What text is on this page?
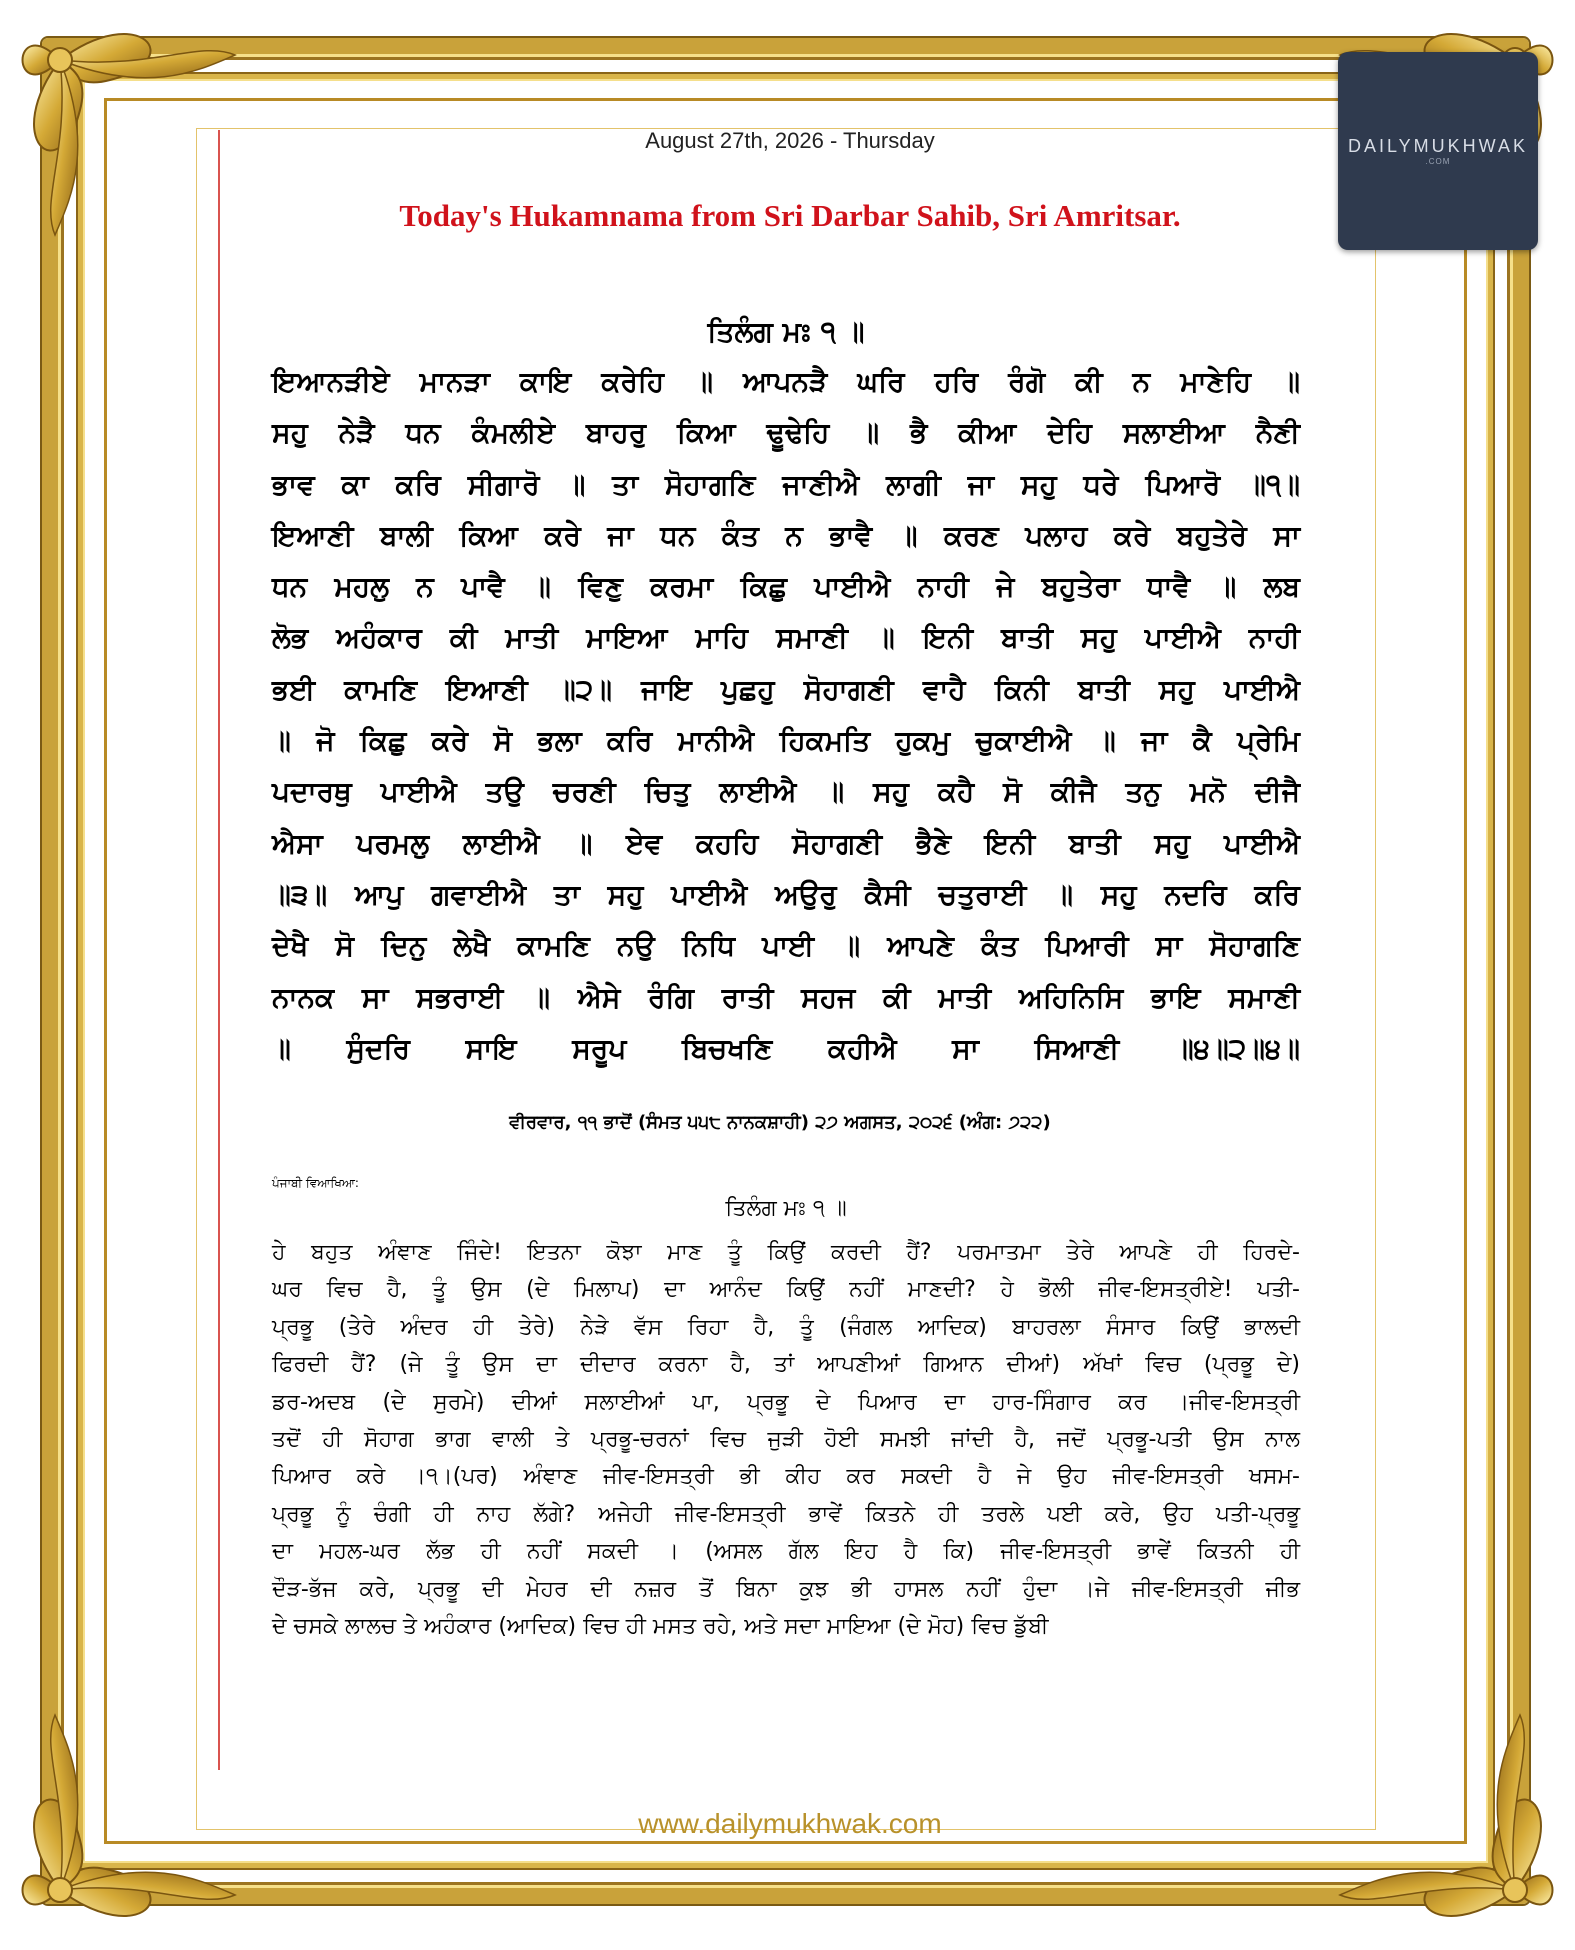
DAILYMUKHWAK
.COM
August 27th, 2026 - Thursday
Today's Hukamnama from Sri Darbar Sahib, Sri Amritsar.
ਤਿਲੰਗ ਮਃ ੧ ॥
ਇਆਨੜੀਏ ਮਾਨੜਾ ਕਾਇ ਕਰੇਹਿ ॥ ਆਪਨੜੈ ਘਰਿ ਹਰਿ ਰੰਗੋ ਕੀ ਨ ਮਾਣੇਹਿ ॥
ਸਹੁ ਨੇੜੈ ਧਨ ਕੰਮਲੀਏ ਬਾਹਰੁ ਕਿਆ ਢੂਢੇਹਿ ॥ ਭੈ ਕੀਆ ਦੇਹਿ ਸਲਾਈਆ ਨੈਣੀ
ਭਾਵ ਕਾ ਕਰਿ ਸੀਗਾਰੋ ॥ ਤਾ ਸੋਹਾਗਣਿ ਜਾਣੀਐ ਲਾਗੀ ਜਾ ਸਹੁ ਧਰੇ ਪਿਆਰੋ ॥੧॥
ਇਆਣੀ ਬਾਲੀ ਕਿਆ ਕਰੇ ਜਾ ਧਨ ਕੰਤ ਨ ਭਾਵੈ ॥ ਕਰਣ ਪਲਾਹ ਕਰੇ ਬਹੁਤੇਰੇ ਸਾ
ਧਨ ਮਹਲੁ ਨ ਪਾਵੈ ॥ ਵਿਣੁ ਕਰਮਾ ਕਿਛੁ ਪਾਈਐ ਨਾਹੀ ਜੇ ਬਹੁਤੇਰਾ ਧਾਵੈ ॥ ਲਬ
ਲੋਭ ਅਹੰਕਾਰ ਕੀ ਮਾਤੀ ਮਾਇਆ ਮਾਹਿ ਸਮਾਣੀ ॥ ਇਨੀ ਬਾਤੀ ਸਹੁ ਪਾਈਐ ਨਾਹੀ
ਭਈ ਕਾਮਣਿ ਇਆਣੀ ॥੨॥ ਜਾਇ ਪੁਛਹੁ ਸੋਹਾਗਣੀ ਵਾਹੈ ਕਿਨੀ ਬਾਤੀ ਸਹੁ ਪਾਈਐ
॥ ਜੋ ਕਿਛੁ ਕਰੇ ਸੋ ਭਲਾ ਕਰਿ ਮਾਨੀਐ ਹਿਕਮਤਿ ਹੁਕਮੁ ਚੁਕਾਈਐ ॥ ਜਾ ਕੈ ਪ੍ਰੇਮਿ
ਪਦਾਰਥੁ ਪਾਈਐ ਤਉ ਚਰਣੀ ਚਿਤੁ ਲਾਈਐ ॥ ਸਹੁ ਕਹੈ ਸੋ ਕੀਜੈ ਤਨੁ ਮਨੋ ਦੀਜੈ
ਐਸਾ ਪਰਮਲੁ ਲਾਈਐ ॥ ਏਵ ਕਹਹਿ ਸੋਹਾਗਣੀ ਭੈਣੇ ਇਨੀ ਬਾਤੀ ਸਹੁ ਪਾਈਐ
॥੩॥ ਆਪੁ ਗਵਾਈਐ ਤਾ ਸਹੁ ਪਾਈਐ ਅਉਰੁ ਕੈਸੀ ਚਤੁਰਾਈ ॥ ਸਹੁ ਨਦਰਿ ਕਰਿ
ਦੇਖੈ ਸੋ ਦਿਨੁ ਲੇਖੈ ਕਾਮਣਿ ਨਉ ਨਿਧਿ ਪਾਈ ॥ ਆਪਣੇ ਕੰਤ ਪਿਆਰੀ ਸਾ ਸੋਹਾਗਣਿ
ਨਾਨਕ ਸਾ ਸਭਰਾਈ ॥ ਐਸੇ ਰੰਗਿ ਰਾਤੀ ਸਹਜ ਕੀ ਮਾਤੀ ਅਹਿਨਿਸਿ ਭਾਇ ਸਮਾਣੀ
॥ ਸੁੰਦਰਿ ਸਾਇ ਸਰੂਪ ਬਿਚਖਣਿ ਕਹੀਐ ਸਾ ਸਿਆਣੀ ॥੪॥੨॥੪॥
ਵੀਰਵਾਰ, ੧੧ ਭਾਦੋਂ (ਸੰਮਤ ੫੫੮ ਨਾਨਕਸ਼ਾਹੀ) ੨੭ ਅਗਸਤ, ੨੦੨੬ (ਅੰਗ: ੭੨੨)
ਪੰਜਾਬੀ ਵਿਆਖਿਆ:
ਤਿਲੰਗ ਮਃ ੧ ॥
ਹੇ ਬਹੁਤ ਅੰਞਾਣ ਜਿੰਦੇ! ਇਤਨਾ ਕੋਝਾ ਮਾਣ ਤੂੰ ਕਿਉਂ ਕਰਦੀ ਹੈਂ? ਪਰਮਾਤਮਾ ਤੇਰੇ ਆਪਣੇ ਹੀ ਹਿਰਦੇ-
ਘਰ ਵਿਚ ਹੈ, ਤੂੰ ਉਸ (ਦੇ ਮਿਲਾਪ) ਦਾ ਆਨੰਦ ਕਿਉਂ ਨਹੀਂ ਮਾਣਦੀ? ਹੇ ਭੋਲੀ ਜੀਵ-ਇਸਤ੍ਰੀਏ! ਪਤੀ-
ਪ੍ਰਭੂ (ਤੇਰੇ ਅੰਦਰ ਹੀ ਤੇਰੇ) ਨੇੜੇ ਵੱਸ ਰਿਹਾ ਹੈ, ਤੂੰ (ਜੰਗਲ ਆਦਿਕ) ਬਾਹਰਲਾ ਸੰਸਾਰ ਕਿਉਂ ਭਾਲਦੀ
ਫਿਰਦੀ ਹੈਂ? (ਜੇ ਤੂੰ ਉਸ ਦਾ ਦੀਦਾਰ ਕਰਨਾ ਹੈ, ਤਾਂ ਆਪਣੀਆਂ ਗਿਆਨ ਦੀਆਂ) ਅੱਖਾਂ ਵਿਚ (ਪ੍ਰਭੂ ਦੇ)
ਡਰ-ਅਦਬ (ਦੇ ਸੁਰਮੇ) ਦੀਆਂ ਸਲਾਈਆਂ ਪਾ, ਪ੍ਰਭੂ ਦੇ ਪਿਆਰ ਦਾ ਹਾਰ-ਸਿੰਗਾਰ ਕਰ ।ਜੀਵ-ਇਸਤ੍ਰੀ
ਤਦੋਂ ਹੀ ਸੋਹਾਗ ਭਾਗ ਵਾਲੀ ਤੇ ਪ੍ਰਭੂ-ਚਰਨਾਂ ਵਿਚ ਜੁੜੀ ਹੋਈ ਸਮਝੀ ਜਾਂਦੀ ਹੈ, ਜਦੋਂ ਪ੍ਰਭੂ-ਪਤੀ ਉਸ ਨਾਲ
ਪਿਆਰ ਕਰੇ ।੧।(ਪਰ) ਅੰਞਾਣ ਜੀਵ-ਇਸਤ੍ਰੀ ਭੀ ਕੀਹ ਕਰ ਸਕਦੀ ਹੈ ਜੇ ਉਹ ਜੀਵ-ਇਸਤ੍ਰੀ ਖਸਮ-
ਪ੍ਰਭੂ ਨੂੰ ਚੰਗੀ ਹੀ ਨਾਹ ਲੱਗੇ? ਅਜੇਹੀ ਜੀਵ-ਇਸਤ੍ਰੀ ਭਾਵੇਂ ਕਿਤਨੇ ਹੀ ਤਰਲੇ ਪਈ ਕਰੇ, ਉਹ ਪਤੀ-ਪ੍ਰਭੂ
ਦਾ ਮਹਲ-ਘਰ ਲੱਭ ਹੀ ਨਹੀਂ ਸਕਦੀ । (ਅਸਲ ਗੱਲ ਇਹ ਹੈ ਕਿ) ਜੀਵ-ਇਸਤ੍ਰੀ ਭਾਵੇਂ ਕਿਤਨੀ ਹੀ
ਦੌੜ-ਭੱਜ ਕਰੇ, ਪ੍ਰਭੂ ਦੀ ਮੇਹਰ ਦੀ ਨਜ਼ਰ ਤੋਂ ਬਿਨਾ ਕੁਝ ਭੀ ਹਾਸਲ ਨਹੀਂ ਹੁੰਦਾ ।ਜੇ ਜੀਵ-ਇਸਤ੍ਰੀ ਜੀਭ
ਦੇ ਚਸਕੇ ਲਾਲਚ ਤੇ ਅਹੰਕਾਰ (ਆਦਿਕ) ਵਿਚ ਹੀ ਮਸਤ ਰਹੇ, ਅਤੇ ਸਦਾ ਮਾਇਆ (ਦੇ ਮੋਹ) ਵਿਚ ਡੁੱਬੀ
www.dailymukhwak.com
